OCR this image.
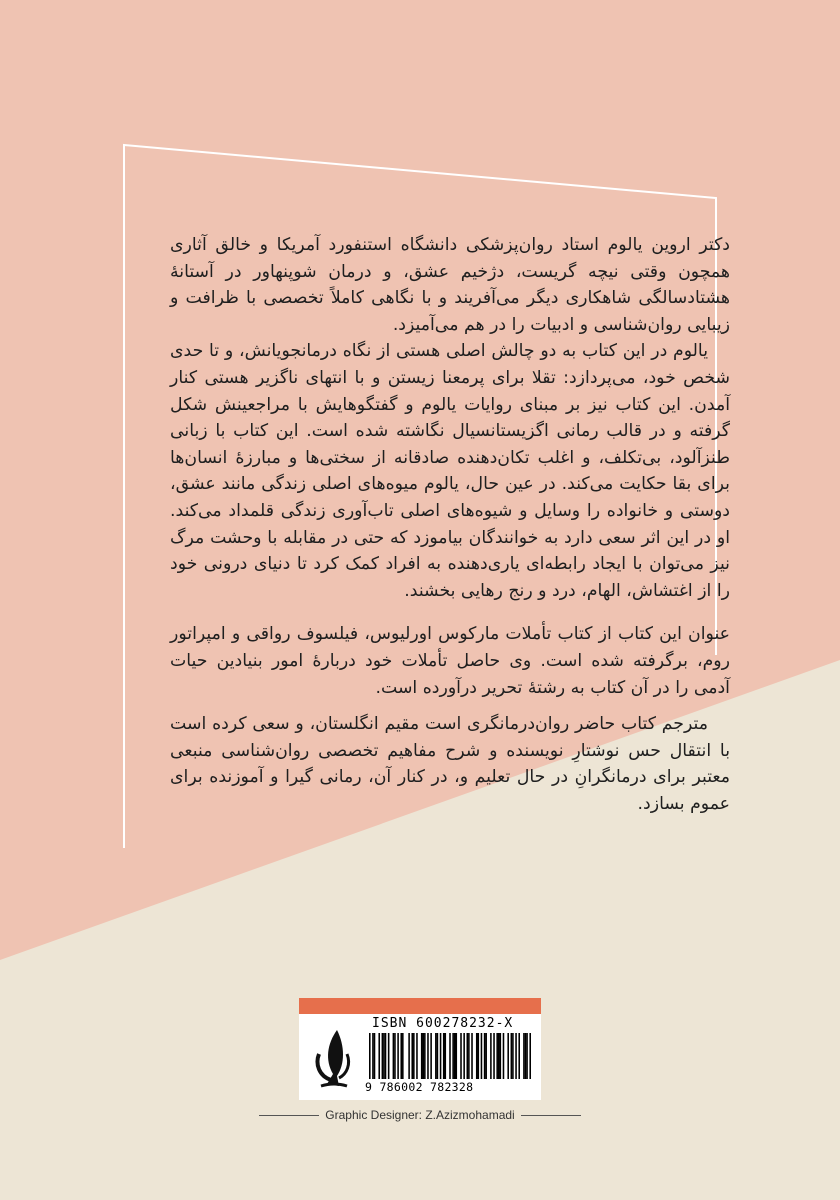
دکتر اروین یالوم استاد روان‌پزشکی دانشگاه استنفورد آمریکا و خالق آثاری همچون وقتی نیچه گریست، دژخیم عشق، و درمان شوپنهاور در آستانهٔ هشتادسالگی شاهکاری دیگر می‌آفریند و با نگاهی کاملاً تخصصی با ظرافت و زیبایی روان‌شناسی و ادبیات را در هم می‌آمیزد.

یالوم در این کتاب به دو چالش اصلی هستی از نگاه درمانجویانش، و تا حدی شخص خود، می‌پردازد: تقلا برای پرمعنا زیستن و با انتهای ناگزیر هستی کنار آمدن. این کتاب نیز بر مبنای روایات یالوم و گفتگوهایش با مراجعینش شکل گرفته و در قالب رمانی اگزیستانسیال نگاشته شده است. این کتاب با زبانی طنزآلود، بی‌تکلف، و اغلب تکان‌دهنده صادقانه از سختی‌ها و مبارزهٔ انسان‌ها برای بقا حکایت می‌کند. در عین حال، یالوم میوه‌های اصلی زندگی مانند عشق، دوستی و خانواده را وسایل و شیوه‌های اصلی تاب‌آوری زندگی قلمداد می‌کند. او در این اثر سعی دارد به خوانندگان بیاموزد که حتی در مقابله با وحشت مرگ نیز می‌توان با ایجاد رابطه‌ای یاری‌دهنده به افراد کمک کرد تا دنیای درونی خود را از اغتشاش، الهام، درد و رنج رهایی بخشند.

عنوان این کتاب از کتاب تأملات مارکوس اورلیوس، فیلسوف رواقی و امپراتور روم، برگرفته شده است. وی حاصل تأملات خود دربارهٔ امور بنیادین حیات آدمی را در آن کتاب به رشتهٔ تحریر درآورده است.

مترجم کتاب حاضر روان‌درمانگری است مقیم انگلستان، و سعی کرده است با انتقال حس نوشتارِ نویسنده و شرح مفاهیم تخصصی روان‌شناسی منبعی معتبر برای درمانگرانِ در حال تعلیم و، در کنار آن، رمانی گیرا و آموزنده برای عموم بسازد.

ISBN 600278232-X
9 786002 782328
Graphic Designer: Z.Azizmohamadi
